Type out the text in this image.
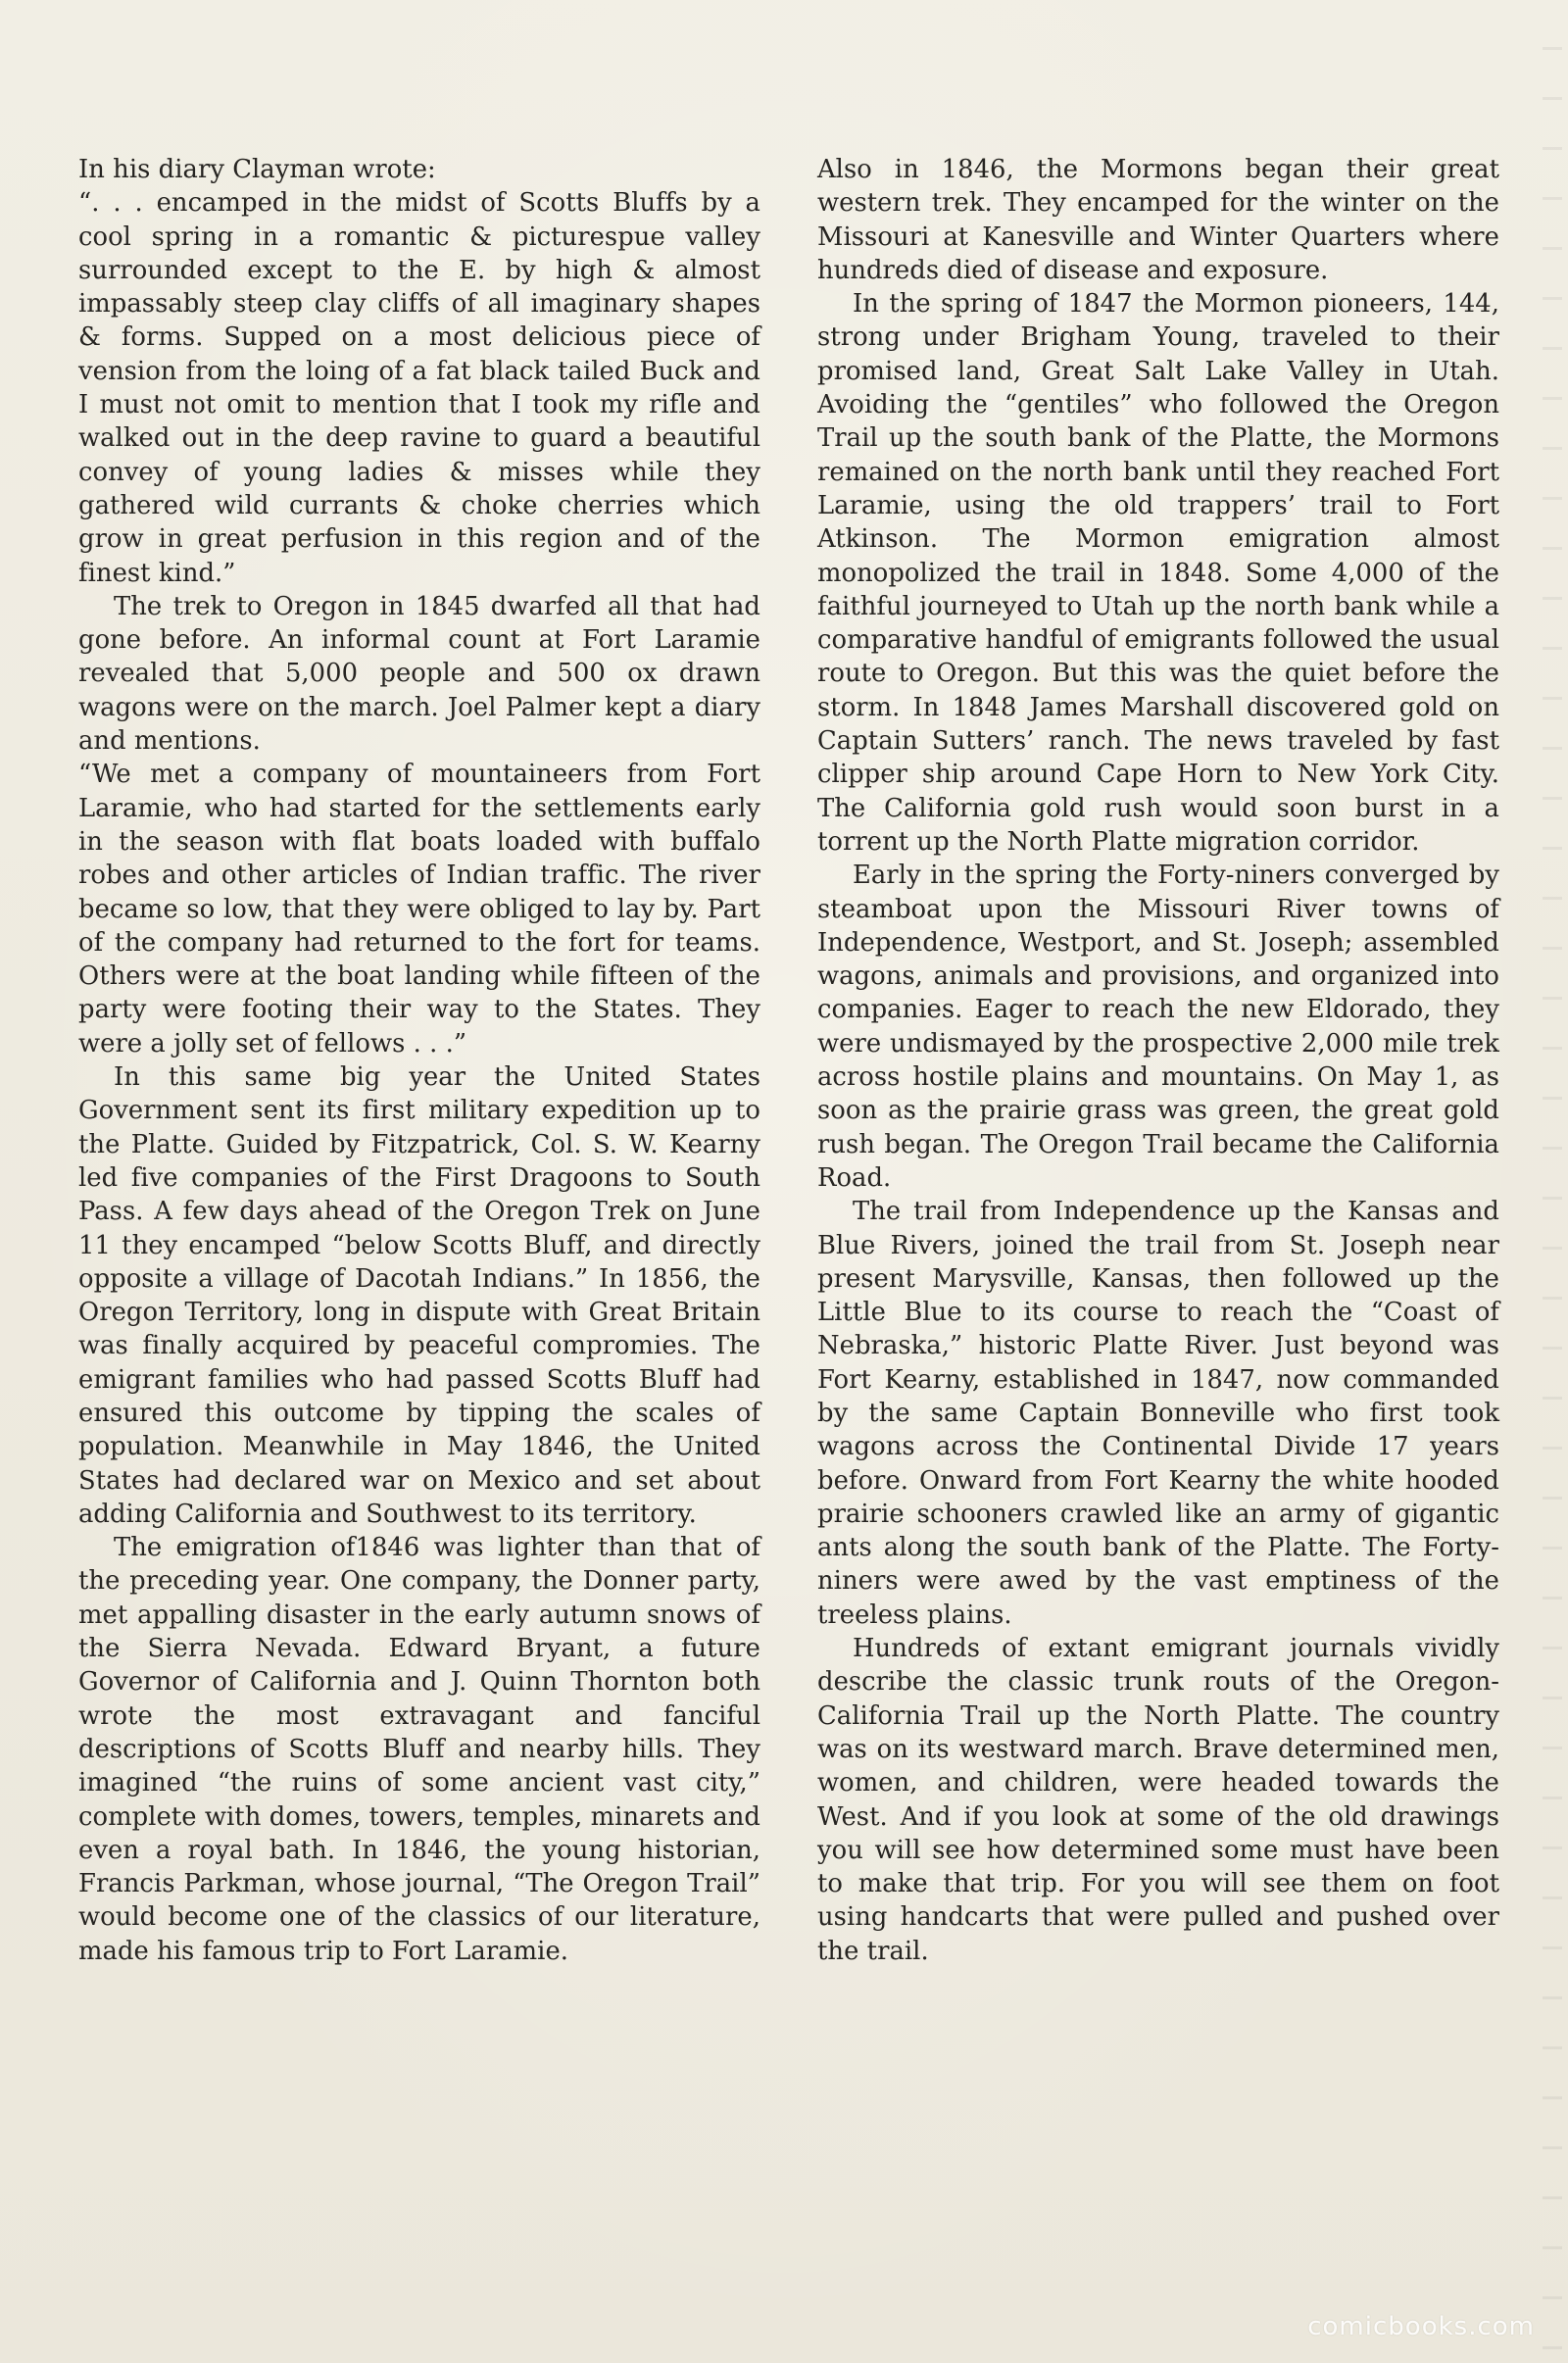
In his diary Clayman wrote:

“. . . encamped in the midst of Scotts Bluffs by a cool spring in a romantic & picturespue valley surrounded except to the E. by high & almost impassably steep clay cliffs of all imaginary shapes & forms. Supped on a most delicious piece of vension from the loing of a fat black tailed Buck and I must not omit to mention that I took my rifle and walked out in the deep ravine to guard a beautiful convey of young ladies & misses while they gathered wild currants & choke cherries which grow in great perfusion in this region and of the finest kind.”

The trek to Oregon in 1845 dwarfed all that had gone before. An informal count at Fort Laramie revealed that 5,000 people and 500 ox drawn wagons were on the march. Joel Palmer kept a diary and mentions.

“We met a company of mountaineers from Fort Laramie, who had started for the settlements early in the season with flat boats loaded with buffalo robes and other articles of Indian traffic. The river became so low, that they were obliged to lay by. Part of the company had returned to the fort for teams. Others were at the boat landing while fifteen of the party were footing their way to the States. They were a jolly set of fellows . . .”

In this same big year the United States Government sent its first military expedition up to the Platte. Guided by Fitzpatrick, Col. S. W. Kearny led five companies of the First Dragoons to South Pass. A few days ahead of the Oregon Trek on June 11 they encamped “below Scotts Bluff, and directly opposite a village of Dacotah Indians.” In 1856, the Oregon Territory, long in dispute with Great Britain was finally acquired by peaceful compromies. The emigrant families who had passed Scotts Bluff had ensured this outcome by tipping the scales of population. Meanwhile in May 1846, the United States had declared war on Mexico and set about adding California and Southwest to its territory.

The emigration of1846 was lighter than that of the preceding year. One company, the Donner party, met appalling disaster in the early autumn snows of the Sierra Nevada. Edward Bryant, a future Governor of California and J. Quinn Thornton both wrote the most extravagant and fanciful descriptions of Scotts Bluff and nearby hills. They imagined “the ruins of some ancient vast city,” complete with domes, towers, temples, minarets and even a royal bath. In 1846, the young historian, Francis Parkman, whose journal, “The Oregon Trail” would become one of the classics of our literature, made his famous trip to Fort Laramie.

Also in 1846, the Mormons began their great western trek. They encamped for the winter on the Missouri at Kanesville and Winter Quarters where hundreds died of disease and exposure.

In the spring of 1847 the Mormon pioneers, 144, strong under Brigham Young, traveled to their promised land, Great Salt Lake Valley in Utah. Avoiding the “gentiles” who followed the Oregon Trail up the south bank of the Platte, the Mormons remained on the north bank until they reached Fort Laramie, using the old trappers’ trail to Fort Atkinson. The Mormon emigration almost monopolized the trail in 1848. Some 4,000 of the faithful journeyed to Utah up the north bank while a comparative handful of emigrants followed the usual route to Oregon. But this was the quiet before the storm. In 1848 James Marshall discovered gold on Captain Sutters’ ranch. The news traveled by fast clipper ship around Cape Horn to New York City. The California gold rush would soon burst in a torrent up the North Platte migration corridor.

Early in the spring the Forty-niners converged by steamboat upon the Missouri River towns of Independence, Westport, and St. Joseph; assembled wagons, animals and provisions, and organized into companies. Eager to reach the new Eldorado, they were undismayed by the prospective 2,000 mile trek across hostile plains and mountains. On May 1, as soon as the prairie grass was green, the great gold rush began. The Oregon Trail became the California Road.

The trail from Independence up the Kansas and Blue Rivers, joined the trail from St. Joseph near present Marysville, Kansas, then followed up the Little Blue to its course to reach the “Coast of Nebraska,” historic Platte River. Just beyond was Fort Kearny, established in 1847, now commanded by the same Captain Bonneville who first took wagons across the Continental Divide 17 years before. Onward from Fort Kearny the white hooded prairie schooners crawled like an army of gigantic ants along the south bank of the Platte. The Forty-niners were awed by the vast emptiness of the treeless plains.

Hundreds of extant emigrant journals vividly describe the classic trunk routs of the Oregon-California Trail up the North Platte. The country was on its westward march. Brave determined men, women, and children, were headed towards the West. And if you look at some of the old drawings you will see how determined some must have been to make that trip. For you will see them on foot using handcarts that were pulled and pushed over the trail.

comicbooks.com
